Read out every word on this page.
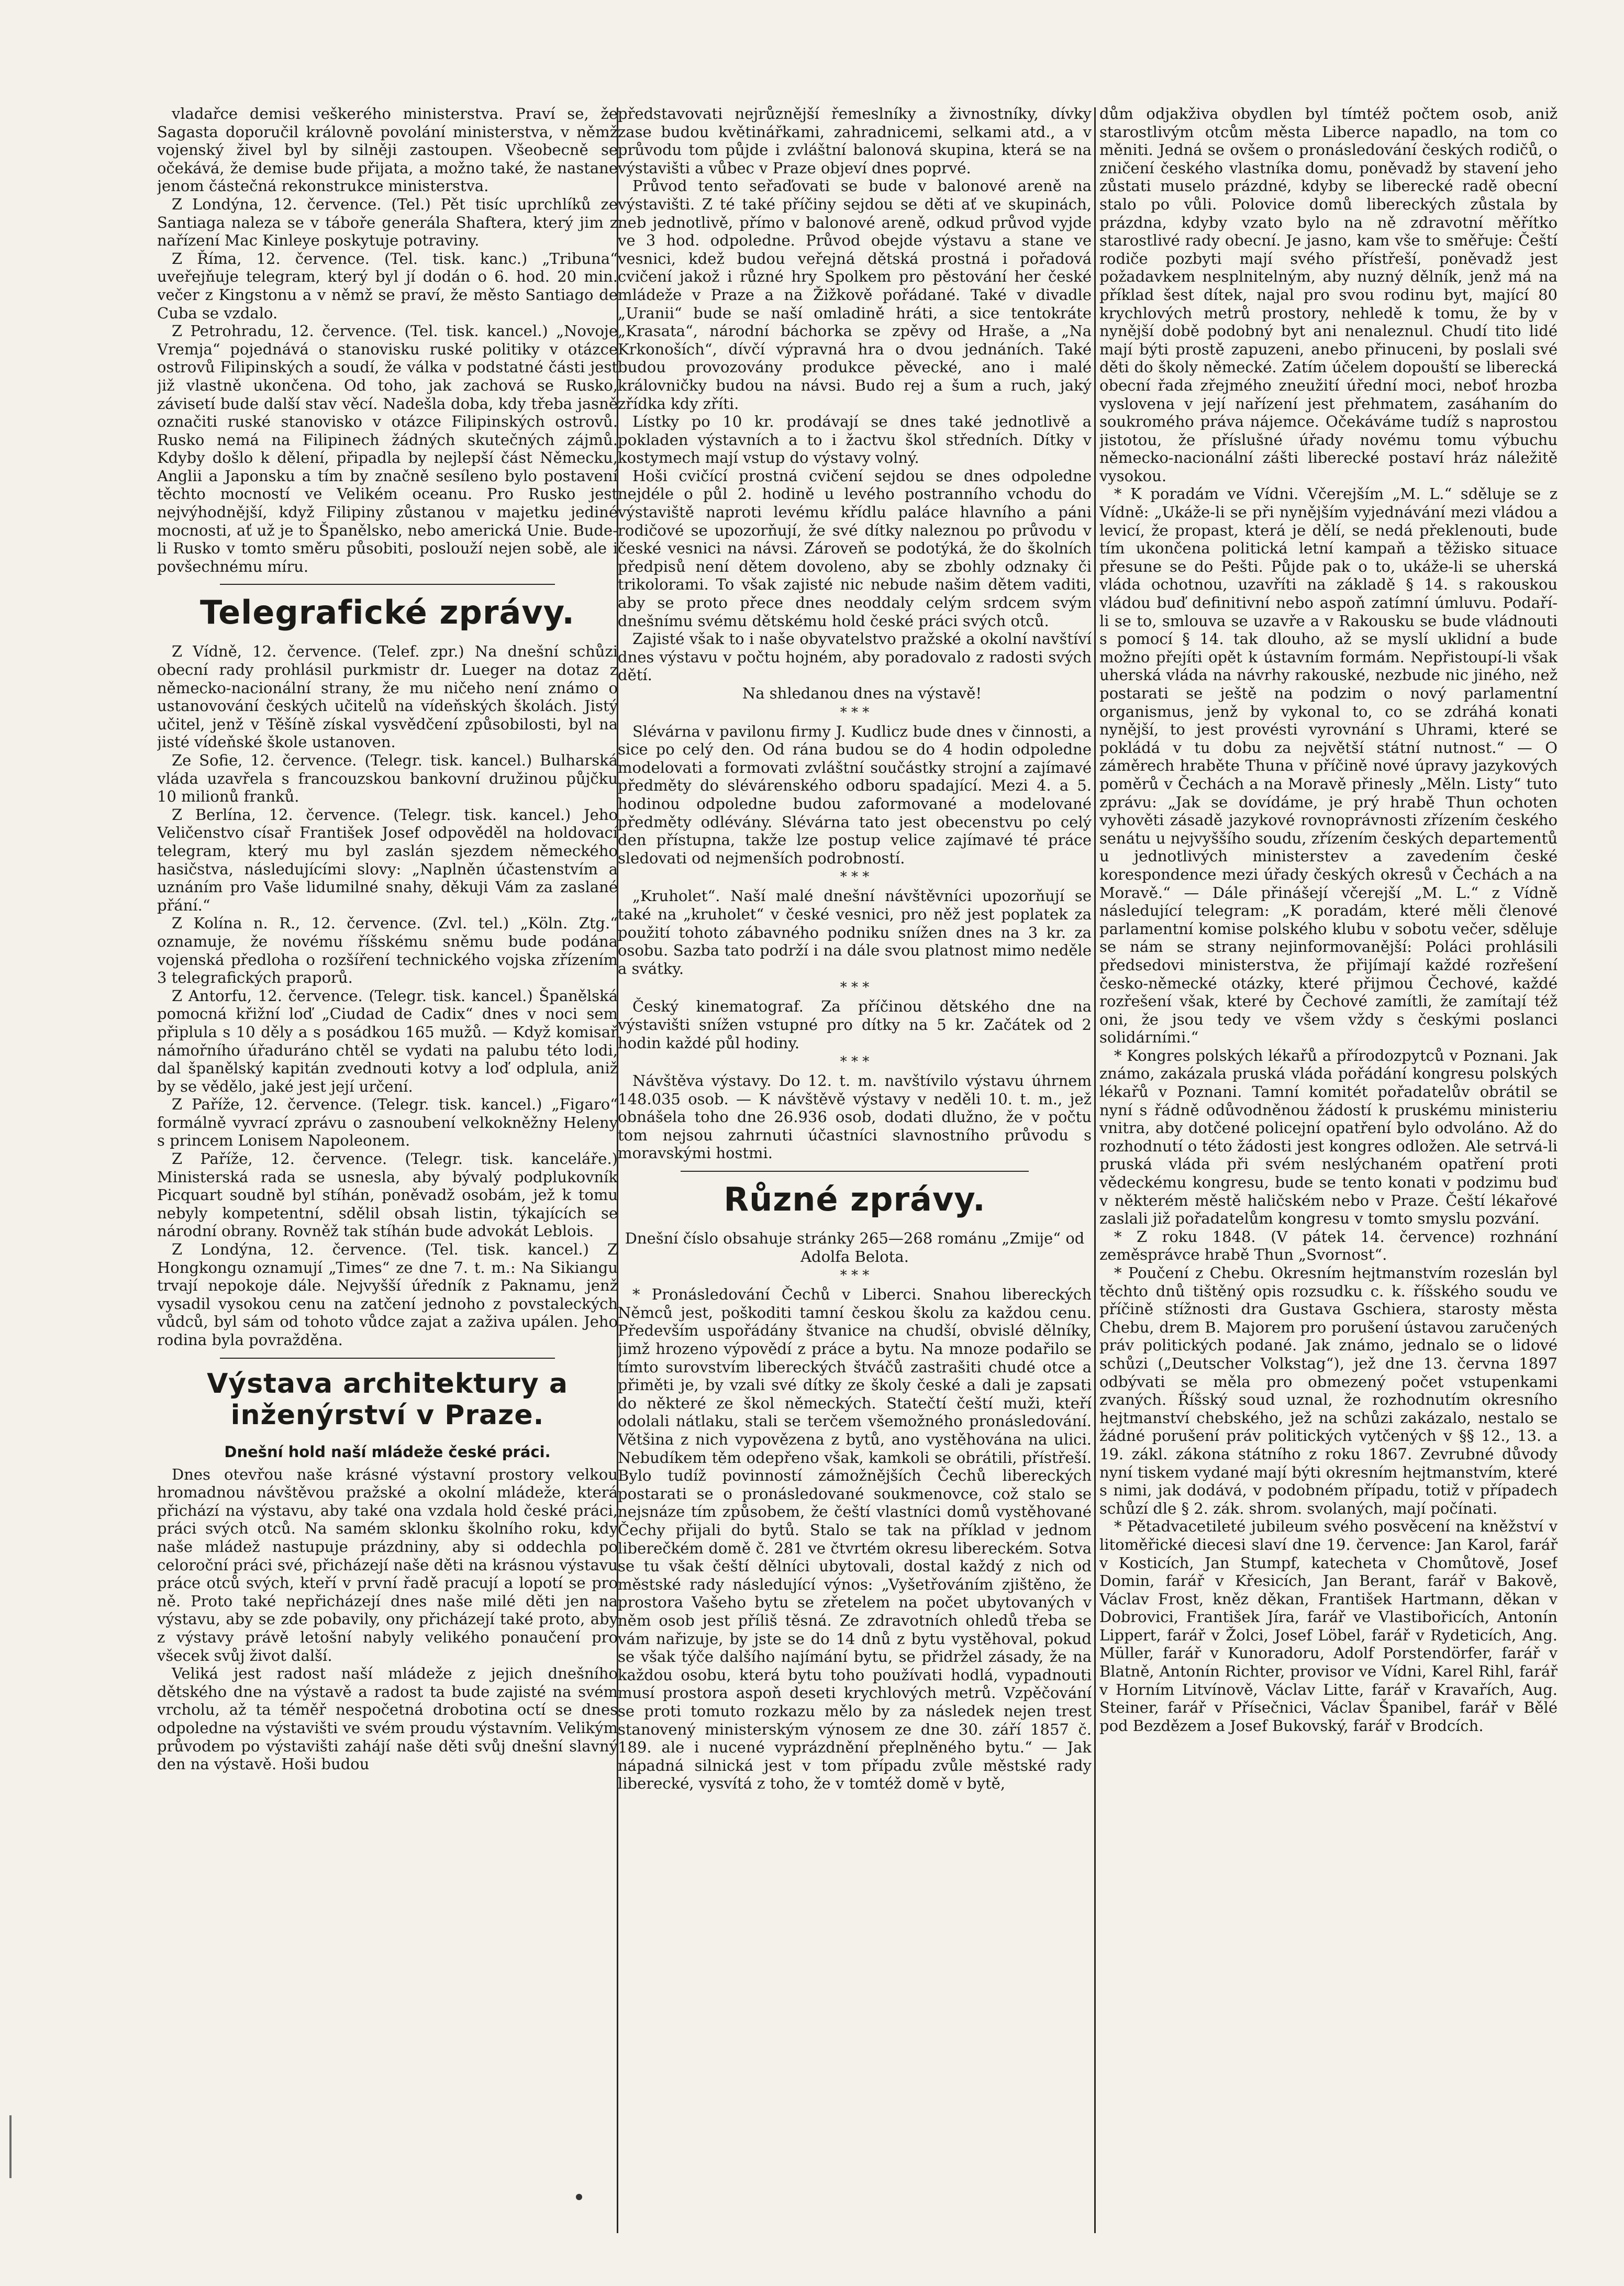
vladařce demisi veškerého ministerstva. Praví se, že Sagasta doporučil královně povolání ministerstva, v němž vojenský živel byl by silněji zastoupen. Všeobecně se očekává, že demise bude přijata, a možno také, že nastane jenom částečná rekonstrukce ministerstva.

Z Londýna, 12. července. (Tel.) Pět tisíc uprchlíků ze Santiaga naleza se v táboře generála Shaftera, který jim z nařízení Mac Kinleye poskytuje potraviny.

Z Říma, 12. července. (Tel. tisk. kanc.) „Tribuna“ uveřejňuje telegram, který byl jí dodán o 6. hod. 20 min. večer z Kingstonu a v němž se praví, že město Santiago de Cuba se vzdalo.

Z Petrohradu, 12. července. (Tel. tisk. kancel.) „Novoje Vremja“ pojednává o stanovisku ruské politiky v otázce ostrovů Filipinských a soudí, že válka v podstatné části jest již vlastně ukončena. Od toho, jak zachová se Rusko, závisetí bude další stav věcí. Nadešla doba, kdy třeba jasně označiti ruské stanovisko v otázce Filipinských ostrovů. Rusko nemá na Filipinech žádných skutečných zájmů. Kdyby došlo k dělení, připadla by nejlepší část Německu, Anglii a Japonsku a tím by značně sesíleno bylo postavení těchto mocností ve Velikém oceanu. Pro Rusko jest nejvýhodnější, když Filipiny zůstanou v majetku jediné mocnosti, ať už je to Španělsko, nebo americká Unie. Bude-li Rusko v tomto směru působiti, poslouží nejen sobě, ale i povšechnému míru.

Telegrafické zprávy.

Z Vídně, 12. července. (Telef. zpr.) Na dnešní schůzi obecní rady prohlásil purkmistr dr. Lueger na dotaz z německo-nacionální strany, že mu ničeho není známo o ustanovování českých učitelů na vídeňských školách. Jistý učitel, jenž v Těšíně získal vysvědčení způsobilosti, byl na jisté vídeňské škole ustanoven.

Ze Sofie, 12. července. (Telegr. tisk. kancel.) Bulharská vláda uzavřela s francouzskou bankovní družinou půjčku 10 milionů franků.

Z Berlína, 12. července. (Telegr. tisk. kancel.) Jeho Veličenstvo císař František Josef odpověděl na holdovací telegram, který mu byl zaslán sjezdem německého hasičstva, následujícími slovy: „Naplněn účastenstvím a uznáním pro Vaše lidumilné snahy, děkuji Vám za zaslané přání.“

Z Kolína n. R., 12. července. (Zvl. tel.) „Köln. Ztg.“ oznamuje, že novému říšskému sněmu bude podána vojenská předloha o rozšíření technického vojska zřízením 3 telegrafických praporů.

Z Antorfu, 12. července. (Telegr. tisk. kancel.) Španělská pomocná křižní loď „Ciudad de Cadix“ dnes v noci sem připlula s 10 děly a s posádkou 165 mužů. — Když komisař námořního úřaduráno chtěl se vydati na palubu této lodi, dal španělský kapitán zvednouti kotvy a loď odplula, aniž by se vědělo, jaké jest její určení.

Z Paříže, 12. července. (Telegr. tisk. kancel.) „Figaro“ formálně vyvrací zprávu o zasnoubení velkokněžny Heleny s princem Lonisem Napoleonem.

Z Paříže, 12. července. (Telegr. tisk. kanceláře.) Ministerská rada se usnesla, aby bývalý podplukovník Picquart soudně byl stíhán, poněvadž osobám, jež k tomu nebyly kompetentní, sdělil obsah listin, týkajících se národní obrany. Rovněž tak stíhán bude advokát Leblois.

Z Londýna, 12. července. (Tel. tisk. kancel.) Z Hongkongu oznamují „Times“ ze dne 7. t. m.: Na Sikiangu trvají nepokoje dále. Nejvyšší úředník z Paknamu, jenž vysadil vysokou cenu na zatčení jednoho z povstaleckých vůdců, byl sám od tohoto vůdce zajat a zaživa upálen. Jeho rodina byla povražděna.

Výstava architektury a inženýrství v Praze.
Dnešní hold naší mládeže české práci.

Dnes otevřou naše krásné výstavní prostory velkou hromadnou návštěvou pražské a okolní mládeže, která přichází na výstavu, aby také ona vzdala hold české práci, práci svých otců. Na samém sklonku školního roku, kdy naše mládež nastupuje prázdniny, aby si oddechla po celoroční práci své, přicházejí naše děti na krásnou výstavu práce otců svých, kteří v první řadě pracují a lopotí se pro ně. Proto také nepřicházejí dnes naše milé děti jen na výstavu, aby se zde pobavily, ony přicházejí také proto, aby z výstavy právě letošní nabyly velikého ponaučení pro všecek svůj život další.

Veliká jest radost naší mládeže z jejich dnešního dětského dne na výstavě a radost ta bude zajisté na svém vrcholu, až ta téměř nespočetná drobotina octí se dnes odpoledne na výstavišti ve svém proudu výstavním. Velikým průvodem po výstavišti zahájí naše děti svůj dnešní slavný den na výstavě. Hoši budou

představovati nejrůznější řemeslníky a živnostníky, dívky zase budou květinářkami, zahradnicemi, selkami atd., a v průvodu tom půjde i zvláštní balonová skupina, která se na výstavišti a vůbec v Praze objeví dnes poprvé.

Průvod tento seřaďovati se bude v balonové areně na výstavišti. Z té také příčiny sejdou se děti ať ve skupinách, neb jednotlivě, přímo v balonové areně, odkud průvod vyjde ve 3 hod. odpoledne. Průvod obejde výstavu a stane ve vesnici, kdež budou veřejná dětská prostná i pořadová cvičení jakož i různé hry Spolkem pro pěstování her české mládeže v Praze a na Žižkově pořádané. Také v divadle „Uranii“ bude se naší omladině hráti, a sice tentokráte „Krasata“, národní báchorka se zpěvy od Hraše, a „Na Krkonoších“, dívčí výpravná hra o dvou jednáních. Také budou provozovány produkce pěvecké, ano i malé královničky budou na návsi. Budo rej a šum a ruch, jaký zřídka kdy zříti.

Lístky po 10 kr. prodávají se dnes také jednotlivě a pokladen výstavních a to i žactvu škol středních. Dítky v kostymech mají vstup do výstavy volný.

Hoši cvičící prostná cvičení sejdou se dnes odpoledne nejdéle o půl 2. hodině u levého postranního vchodu do výstaviště naproti levému křídlu paláce hlavního a páni rodičové se upozorňují, že své dítky naleznou po průvodu v české vesnici na návsi. Zároveň se podotýká, že do školních předpisů není dětem dovoleno, aby se zbohly odznaky či trikolorami. To však zajisté nic nebude našim dětem vaditi, aby se proto přece dnes neoddaly celým srdcem svým dnešnímu svému dětskému hold české práci svých otců.

Zajisté však to i naše obyvatelstvo pražské a okolní navštíví dnes výstavu v počtu hojném, aby poradovalo z radosti svých dětí.

Na shledanou dnes na výstavě!

* * *

Slévárna v pavilonu firmy J. Kudlicz bude dnes v činnosti, a sice po celý den. Od rána budou se do 4 hodin odpoledne modelovati a formovati zvláštní součástky strojní a zajímavé předměty do slévárenského odboru spadající. Mezi 4. a 5. hodinou odpoledne budou zaformované a modelované předměty odlévány. Slévárna tato jest obecenstvu po celý den přístupna, takže lze postup velice zajímavé té práce sledovati od nejmenších podrobností.

* * *

„Kruholet“. Naší malé dnešní návštěvníci upozorňují se také na „kruholet“ v české vesnici, pro něž jest poplatek za použití tohoto zábavného podniku snížen dnes na 3 kr. za osobu. Sazba tato podrží i na dále svou platnost mimo neděle a svátky.

* * *

Český kinematograf. Za příčinou dětského dne na výstavišti snížen vstupné pro dítky na 5 kr. Začátek od 2 hodin každé půl hodiny.

* * *

Návštěva výstavy. Do 12. t. m. navštívilo výstavu úhrnem 148.035 osob. — K návštěvě výstavy v neděli 10. t. m., jež obnášela toho dne 26.936 osob, dodati dlužno, že v počtu tom nejsou zahrnuti účastníci slavnostního průvodu s moravskými hostmi.

Různé zprávy.

Dnešní číslo obsahuje stránky 265—268 románu „Zmije“ od Adolfa Belota.

* * *

* Pronásledování Čechů v Liberci. Snahou libereckých Němců jest, poškoditi tamní českou školu za každou cenu. Především uspořádány štvanice na chudší, obvislé dělníky, jimž hrozeno výpovědí z práce a bytu. Na mnoze podařilo se tímto surovstvím libereckých štváčů zastrašiti chudé otce a přiměti je, by vzali své dítky ze školy české a dali je zapsati do některé ze škol německých. Statečtí čeští muži, kteří odolali nátlaku, stali se terčem všemožného pronásledování. Většina z nich vypovězena z bytů, ano vystěhována na ulici. Nebudíkem těm odepřeno však, kamkoli se obrátili, přístřeší. Bylo tudíž povinností zámožnějších Čechů libereckých postarati se o pronásledované soukmenovce, což stalo se nejsnáze tím způsobem, že čeští vlastníci domů vystěhované Čechy přijali do bytů. Stalo se tak na příklad v jednom liberečkém domě č. 281 ve čtvrtém okresu libereckém. Sotva se tu však čeští dělníci ubytovali, dostal každý z nich od městské rady následující výnos: „Vyšetřováním zjištěno, že prostora Vašeho bytu se zřetelem na počet ubytovaných v něm osob jest příliš těsná. Ze zdravotních ohledů třeba se vám nařizuje, by jste se do 14 dnů z bytu vystěhoval, pokud se však týče dalšího najímání bytu, se přidržel zásady, že na každou osobu, která bytu toho používati hodlá, vypadnouti musí prostora aspoň deseti krychlových metrů. Vzpěčování se proti tomuto rozkazu mělo by za následek nejen trest stanovený ministerským výnosem ze dne 30. září 1857 č. 189. ale i nucené vyprázdnění přeplněného bytu.“ — Jak nápadná silnická jest v tom případu zvůle městské rady liberecké, vysvítá z toho, že v tomtéž domě v bytě,

dům odjakživa obydlen byl tímtéž počtem osob, aniž starostlivým otcům města Liberce napadlo, na tom co měniti. Jedná se ovšem o pronásledování českých rodičů, o zničení českého vlastníka domu, poněvadž by stavení jeho zůstati muselo prázdné, kdyby se liberecké radě obecní stalo po vůli. Polovice domů libereckých zůstala by prázdna, kdyby vzato bylo na ně zdravotní měřítko starostlivé rady obecní. Je jasno, kam vše to směřuje: Čeští rodiče pozbyti mají svého přístřeší, poněvadž jest požadavkem nesplnitelným, aby nuzný dělník, jenž má na příklad šest dítek, najal pro svou rodinu byt, mající 80 krychlových metrů prostory, nehledě k tomu, že by v nynější době podobný byt ani nenaleznul. Chudí tito lidé mají býti prostě zapuzeni, anebo přinuceni, by poslali své děti do školy německé. Zatím účelem dopouští se liberecká obecní řada zřejmého zneužití úřední moci, neboť hrozba vyslovena v její nařízení jest přehmatem, zasáhaním do soukromého práva nájemce. Očekáváme tudíž s naprostou jistotou, že příslušné úřady novému tomu výbuchu německo-nacionální zášti liberecké postaví hráz náležitě vysokou.

* K poradám ve Vídni. Včerejším „M. L.“ sděluje se z Vídně: „Ukáže-li se při nynějším vyjednávání mezi vládou a levicí, že propast, která je dělí, se nedá překlenouti, bude tím ukončena politická letní kampaň a těžisko situace přesune se do Pešti. Půjde pak o to, ukáže-li se uherská vláda ochotnou, uzavříti na základě § 14. s rakouskou vládou buď definitivní nebo aspoň zatímní úmluvu. Podaří-li se to, smlouva se uzavře a v Rakousku se bude vládnouti s pomocí § 14. tak dlouho, až se myslí uklidní a bude možno přejíti opět k ústavním formám. Nepřistoupí-li však uherská vláda na návrhy rakouské, nezbude nic jiného, než postarati se ještě na podzim o nový parlamentní organismus, jenž by vykonal to, co se zdráhá konati nynější, to jest provésti vyrovnání s Uhrami, které se pokládá v tu dobu za největší státní nutnost.“ — O záměrech hraběte Thuna v příčině nové úpravy jazykových poměrů v Čechách a na Moravě přinesly „Měln. Listy“ tuto zprávu: „Jak se dovídáme, je prý hrabě Thun ochoten vyhověti zásadě jazykové rovnoprávnosti zřízením českého senátu u nejvyššího soudu, zřízením českých departementů u jednotlivých ministerstev a zavedením české korespondence mezi úřady českých okresů v Čechách a na Moravě.“ — Dále přinášejí včerejší „M. L.“ z Vídně následující telegram: „K poradám, které měli členové parlamentní komise polského klubu v sobotu večer, sděluje se nám se strany nejinformovanější: Poláci prohlásili předsedovi ministerstva, že přijímají každé rozřešení česko-německé otázky, které přijmou Čechové, každé rozřešení však, které by Čechové zamítli, že zamítají též oni, že jsou tedy ve všem vždy s českými poslanci solidárními.“

* Kongres polských lékařů a přírodozpytců v Poznani. Jak známo, zakázala pruská vláda pořádání kongresu polských lékařů v Poznani. Tamní komitét pořadatelův obrátil se nyní s řádně odůvodněnou žádostí k pruskému ministeriu vnitra, aby dotčené policejní opatření bylo odvoláno. Až do rozhodnutí o této žádosti jest kongres odložen. Ale setrvá-li pruská vláda při svém neslýchaném opatření proti vědeckému kongresu, bude se tento konati v podzimu buď v některém městě haličském nebo v Praze. Čeští lékařové zaslali již pořadatelům kongresu v tomto smyslu pozvání.

* Z roku 1848. (V pátek 14. července) rozhnání zeměsprávce hrabě Thun „Svornost“.

* Poučení z Chebu. Okresním hejtmanstvím rozeslán byl těchto dnů tištěný opis rozsudku c. k. říšského soudu ve příčině stížnosti dra Gustava Gschiera, starosty města Chebu, drem B. Majorem pro porušení ústavou zaručených práv politických podané. Jak známo, jednalo se o lidové schůzi („Deutscher Volkstag“), jež dne 13. června 1897 odbývati se měla pro obmezený počet vstupenkami zvaných. Říšský soud uznal, že rozhodnutím okresního hejtmanství chebského, jež na schůzi zakázalo, nestalo se žádné porušení práv politických vytčených v §§ 12., 13. a 19. zákl. zákona státního z roku 1867. Zevrubné důvody nyní tiskem vydané mají býti okresním hejtmanstvím, které s nimi, jak dodává, v podobném případu, totiž v případech schůzí dle § 2. zák. shrom. svolaných, mají počínati.

* Pětadvacetileté jubileum svého posvěcení na kněžství v litoměřické diecesi slaví dne 19. července: Jan Karol, farář v Kosticích, Jan Stumpf, katecheta v Chomůtově, Josef Domin, farář v Křesicích, Jan Berant, farář v Bakově, Václav Frost, kněz děkan, František Hartmann, děkan v Dobrovici, František Jíra, farář ve Vlastibořicích, Antonín Lippert, farář v Žolci, Josef Löbel, farář v Rydeticích, Ang. Müller, farář v Kunoradoru, Adolf Porstendörfer, farář v Blatně, Antonín Richter, provisor ve Vídni, Karel Rihl, farář v Horním Litvínově, Václav Litte, farář v Kravařích, Aug. Steiner, farář v Přísečnici, Václav Španibel, farář v Bělé pod Bezdězem a Josef Bukovský, farář v Brodcích.
